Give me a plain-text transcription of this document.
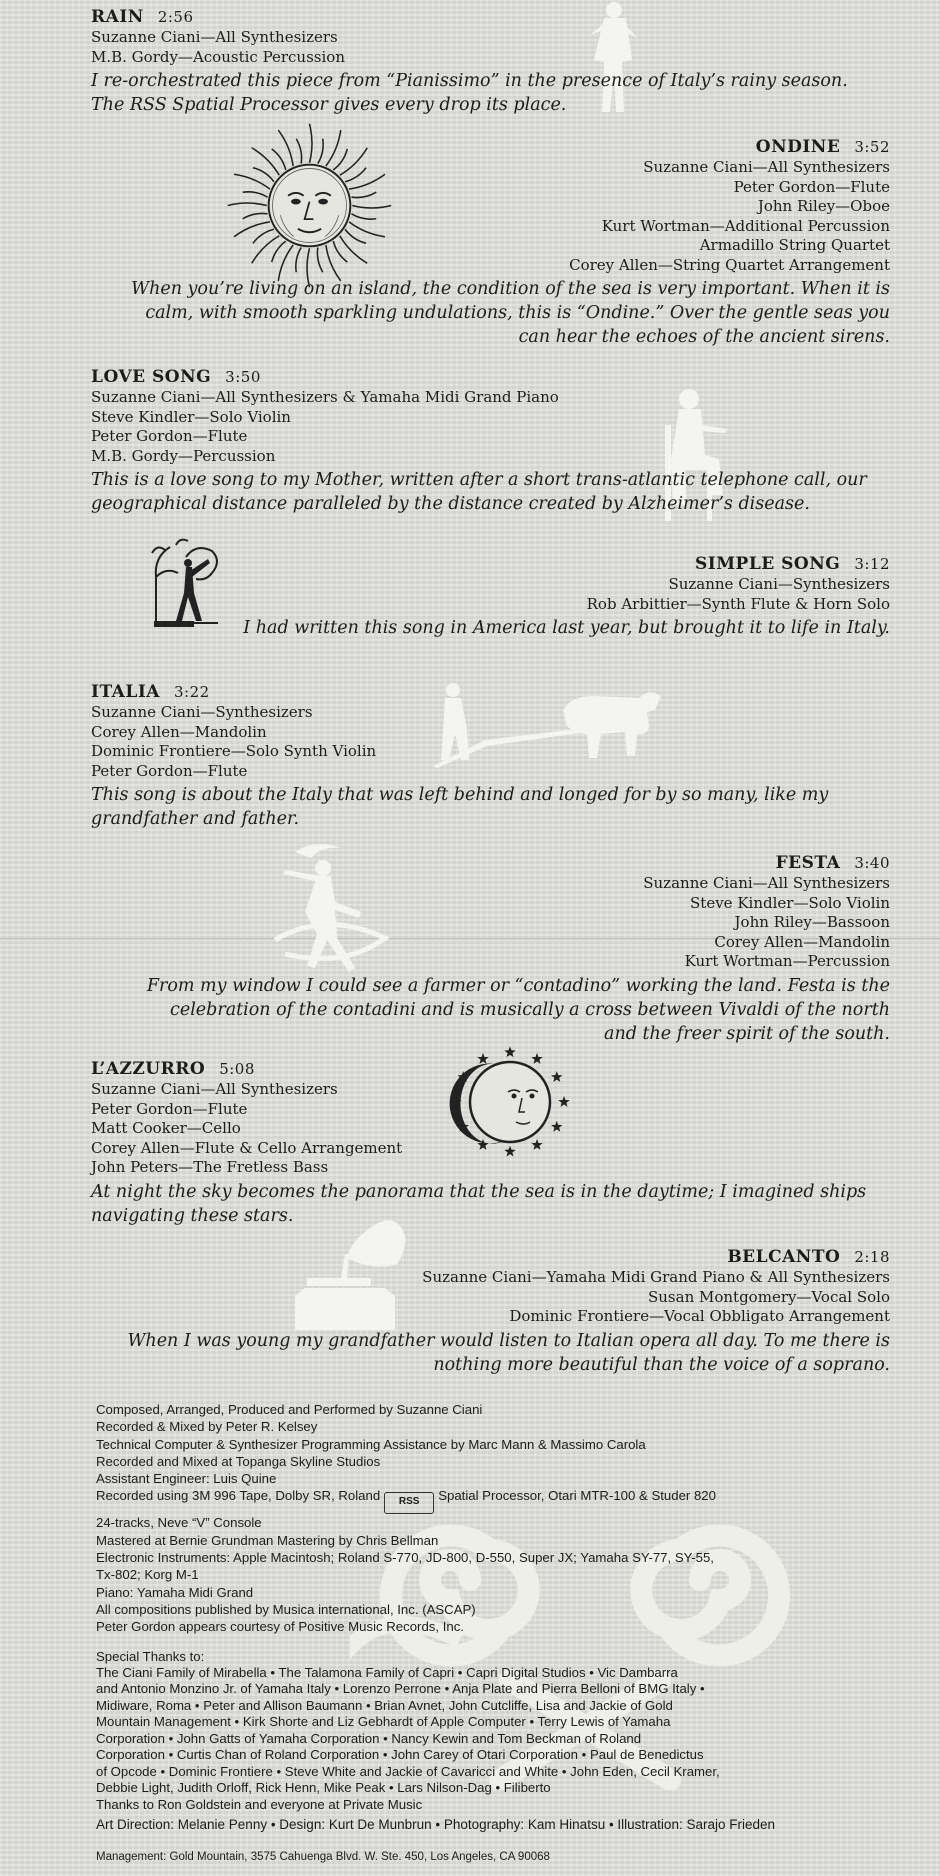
RAIN 2:56
Suzanne Ciani—All Synthesizers
M.B. Gordy—Acoustic Percussion
I re-orchestrated this piece from “Pianissimo” in the presence of Italy’s rainy season.
The RSS Spatial Processor gives every drop its place.
ONDINE 3:52
Suzanne Ciani—All Synthesizers
Peter Gordon—Flute
John Riley—Oboe
Kurt Wortman—Additional Percussion
Armadillo String Quartet
Corey Allen—String Quartet Arrangement
When you’re living on an island, the condition of the sea is very important. When it is
calm, with smooth sparkling undulations, this is “Ondine.” Over the gentle seas you
can hear the echoes of the ancient sirens.
LOVE SONG 3:50
Suzanne Ciani—All Synthesizers & Yamaha Midi Grand Piano
Steve Kindler—Solo Violin
Peter Gordon—Flute
M.B. Gordy—Percussion
This is a love song to my Mother, written after a short trans-atlantic telephone call, our
geographical distance paralleled by the distance created by Alzheimer’s disease.
SIMPLE SONG 3:12
Suzanne Ciani—Synthesizers
Rob Arbittier—Synth Flute & Horn Solo
I had written this song in America last year, but brought it to life in Italy.
ITALIA 3:22
Suzanne Ciani—Synthesizers
Corey Allen—Mandolin
Dominic Frontiere—Solo Synth Violin
Peter Gordon—Flute
This song is about the Italy that was left behind and longed for by so many, like my
grandfather and father.
FESTA 3:40
Suzanne Ciani—All Synthesizers
Steve Kindler—Solo Violin
John Riley—Bassoon
Corey Allen—Mandolin
Kurt Wortman—Percussion
From my window I could see a farmer or “contadino” working the land. Festa is the
celebration of the contadini and is musically a cross between Vivaldi of the north
and the freer spirit of the south.
L’AZZURRO 5:08
Suzanne Ciani—All Synthesizers
Peter Gordon—Flute
Matt Cooker—Cello
Corey Allen—Flute & Cello Arrangement
John Peters—The Fretless Bass
At night the sky becomes the panorama that the sea is in the daytime; I imagined ships
navigating these stars.
BELCANTO 2:18
Suzanne Ciani—Yamaha Midi Grand Piano & All Synthesizers
Susan Montgomery—Vocal Solo
Dominic Frontiere—Vocal Obbligato Arrangement
When I was young my grandfather would listen to Italian opera all day. To me there is
nothing more beautiful than the voice of a soprano.
Composed, Arranged, Produced and Performed by Suzanne Ciani
Recorded & Mixed by Peter R. Kelsey
Technical Computer & Synthesizer Programming Assistance by Marc Mann & Massimo Carola
Recorded and Mixed at Topanga Skyline Studios
Assistant Engineer: Luis Quine
Recorded using 3M 996 Tape, Dolby SR, Roland RSS Spatial Processor, Otari MTR-100 & Studer 820
24-tracks, Neve “V” Console
Mastered at Bernie Grundman Mastering by Chris Bellman
Electronic Instruments: Apple Macintosh; Roland S-770, JD-800, D-550, Super JX; Yamaha SY-77, SY-55,
Tx-802; Korg M-1
Piano: Yamaha Midi Grand
All compositions published by Musica international, Inc. (ASCAP)
Peter Gordon appears courtesy of Positive Music Records, Inc.
Special Thanks to:
The Ciani Family of Mirabella • The Talamona Family of Capri • Capri Digital Studios • Vic Dambarra
and Antonio Monzino Jr. of Yamaha Italy • Lorenzo Perrone • Anja Plate and Pierra Belloni of BMG Italy •
Midiware, Roma • Peter and Allison Baumann • Brian Avnet, John Cutcliffe, Lisa and Jackie of Gold
Mountain Management • Kirk Shorte and Liz Gebhardt of Apple Computer • Terry Lewis of Yamaha
Corporation • John Gatts of Yamaha Corporation • Nancy Kewin and Tom Beckman of Roland
Corporation • Curtis Chan of Roland Corporation • John Carey of Otari Corporation • Paul de Benedictus
of Opcode • Dominic Frontiere • Steve White and Jackie of Cavaricci and White • John Eden, Cecil Kramer,
Debbie Light, Judith Orloff, Rick Henn, Mike Peak • Lars Nilson-Dag • Filiberto
Thanks to Ron Goldstein and everyone at Private Music
Art Direction: Melanie Penny • Design: Kurt De Munbrun • Photography: Kam Hinatsu • Illustration: Sarajo Frieden
Management: Gold Mountain, 3575 Cahuenga Blvd. W. Ste. 450, Los Angeles, CA 90068
